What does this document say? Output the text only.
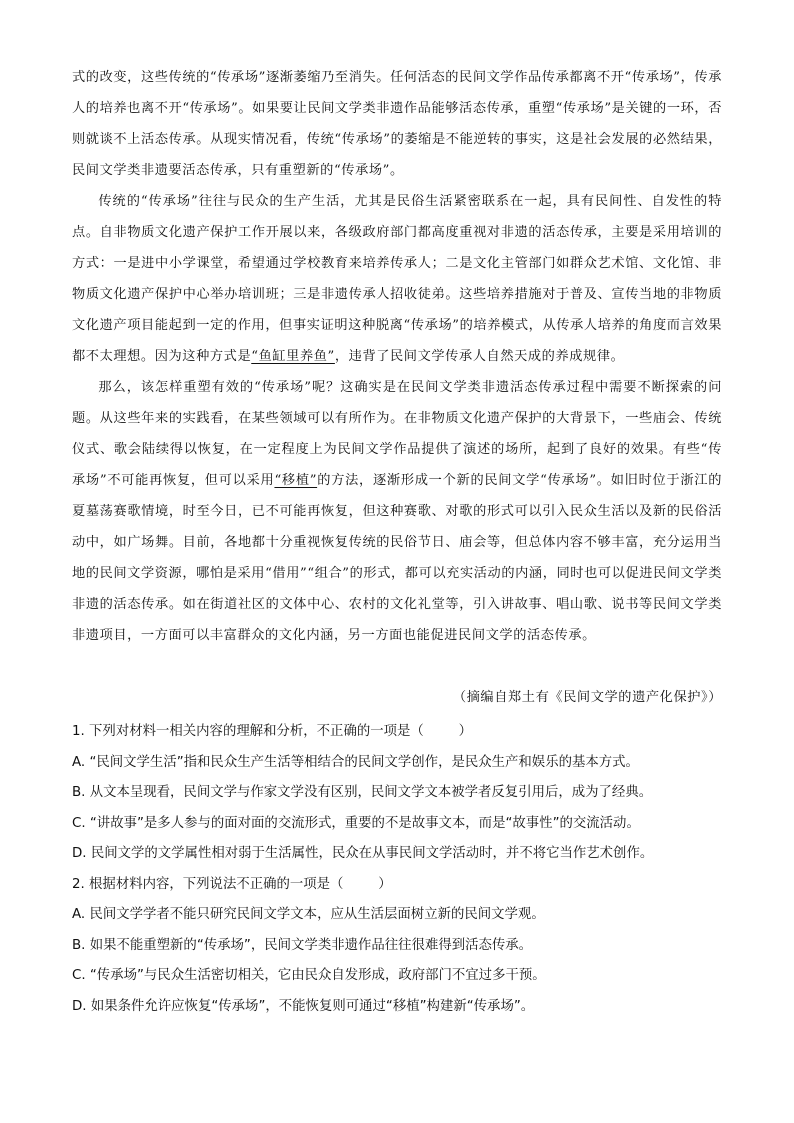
式的改变，这些传统的“传承场”逐渐萎缩乃至消失。任何活态的民间文学作品传承都离不开“传承场”，传承人的培养也离不开“传承场”。如果要让民间文学类非遗作品能够活态传承，重塑“传承场”是关键的一环，否则就谈不上活态传承。从现实情况看，传统“传承场”的萎缩是不能逆转的事实，这是社会发展的必然结果，民间文学类非遗要活态传承，只有重塑新的“传承场”。

传统的“传承场”往往与民众的生产生活，尤其是民俗生活紧密联系在一起，具有民间性、自发性的特点。自非物质文化遗产保护工作开展以来，各级政府部门都高度重视对非遗的活态传承，主要是采用培训的方式：一是进中小学课堂，希望通过学校教育来培养传承人；二是文化主管部门如群众艺术馆、文化馆、非物质文化遗产保护中心举办培训班；三是非遗传承人招收徒弟。这些培养措施对于普及、宣传当地的非物质文化遗产项目能起到一定的作用，但事实证明这种脱离“传承场”的培养模式，从传承人培养的角度而言效果都不太理想。因为这种方式是“鱼缸里养鱼”，违背了民间文学传承人自然天成的养成规律。

那么，该怎样重塑有效的“传承场”呢？这确实是在民间文学类非遗活态传承过程中需要不断探索的问题。从这些年来的实践看，在某些领域可以有所作为。在非物质文化遗产保护的大背景下，一些庙会、传统仪式、歌会陆续得以恢复，在一定程度上为民间文学作品提供了演述的场所，起到了良好的效果。有些“传承场”不可能再恢复，但可以采用“移植”的方法，逐渐形成一个新的民间文学“传承场”。如旧时位于浙江的夏墓荡赛歌情境，时至今日，已不可能再恢复，但这种赛歌、对歌的形式可以引入民众生活以及新的民俗活动中，如广场舞。目前，各地都十分重视恢复传统的民俗节日、庙会等，但总体内容不够丰富，充分运用当地的民间文学资源，哪怕是采用“借用”“组合”的形式，都可以充实活动的内涵，同时也可以促进民间文学类非遗的活态传承。如在街道社区的文体中心、农村的文化礼堂等，引入讲故事、唱山歌、说书等民间文学类非遗项目，一方面可以丰富群众的文化内涵，另一方面也能促进民间文学的活态传承。

（摘编自郑土有《民间文学的遗产化保护》）
1. 下列对材料一相关内容的理解和分析，不正确的一项是（	）
A. “民间文学生活”指和民众生产生活等相结合的民间文学创作，是民众生产和娱乐的基本方式。
B. 从文本呈现看，民间文学与作家文学没有区别，民间文学文本被学者反复引用后，成为了经典。
C. “讲故事”是多人参与的面对面的交流形式，重要的不是故事文本，而是“故事性”的交流活动。
D. 民间文学的文学属性相对弱于生活属性，民众在从事民间文学活动时，并不将它当作艺术创作。
2. 根据材料内容，下列说法不正确的一项是（	）
A. 民间文学学者不能只研究民间文学文本，应从生活层面树立新的民间文学观。
B. 如果不能重塑新的“传承场”，民间文学类非遗作品往往很难得到活态传承。
C. “传承场”与民众生活密切相关，它由民众自发形成，政府部门不宜过多干预。
D. 如果条件允许应恢复“传承场”，不能恢复则可通过“移植”构建新“传承场”。
